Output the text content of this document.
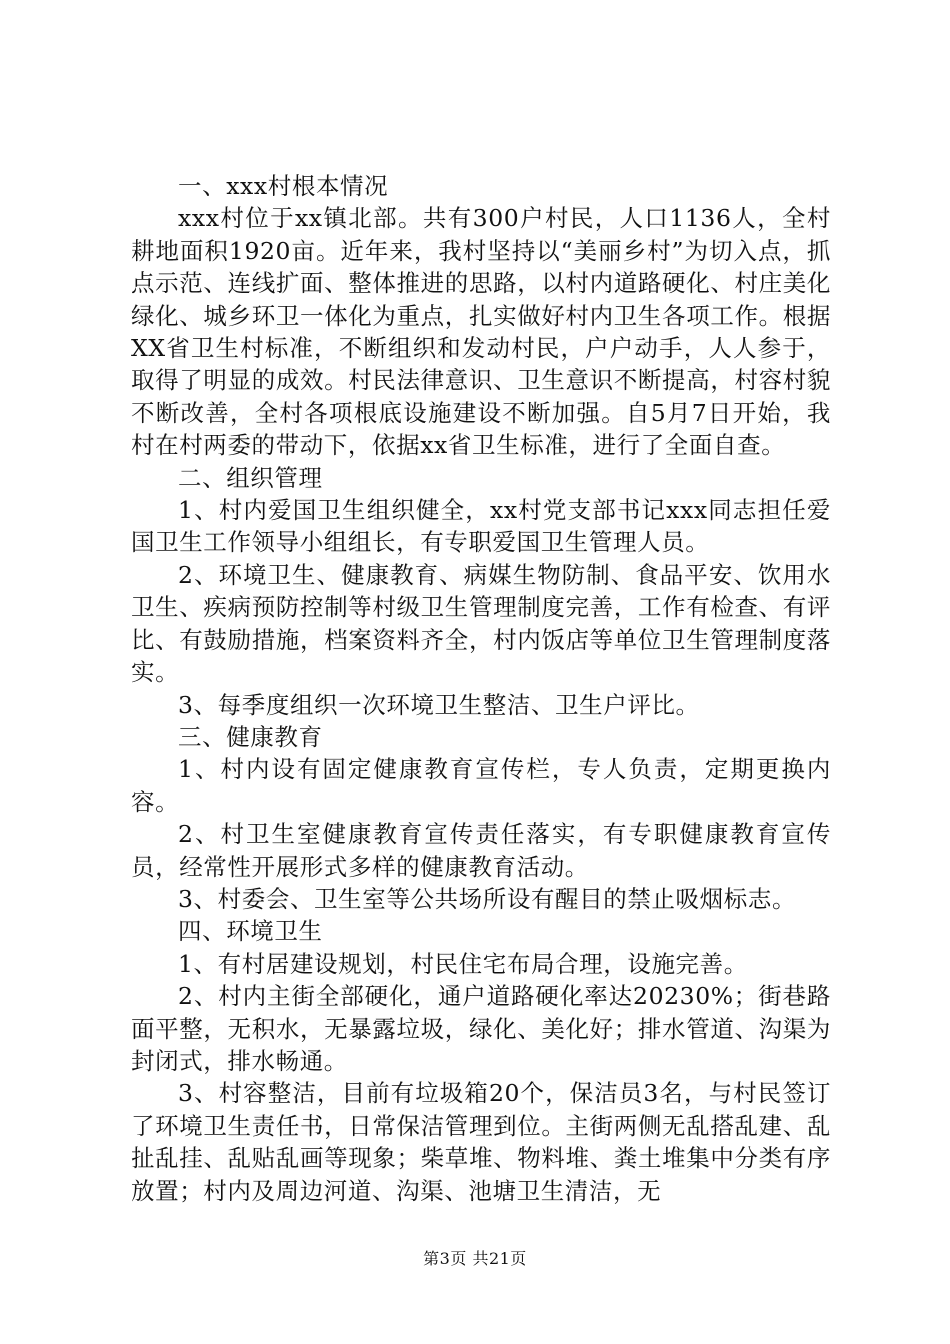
一、xxx村根本情况

xxx村位于xx镇北部。共有300户村民，人口1136人，全村耕地面积1920亩。近年来，我村坚持以“美丽乡村”为切入点，抓点示范、连线扩面、整体推进的思路，以村内道路硬化、村庄美化绿化、城乡环卫一体化为重点，扎实做好村内卫生各项工作。根据XX省卫生村标准，不断组织和发动村民，户户动手，人人参于，取得了明显的成效。村民法律意识、卫生意识不断提高，村容村貌不断改善，全村各项根底设施建设不断加强。自5月7日开始，我村在村两委的带动下，依据xx省卫生标准，进行了全面自查。

二、组织管理

1、村内爱国卫生组织健全，xx村党支部书记xxx同志担任爱国卫生工作领导小组组长，有专职爱国卫生管理人员。

2、环境卫生、健康教育、病媒生物防制、食品平安、饮用水卫生、疾病预防控制等村级卫生管理制度完善，工作有检查、有评比、有鼓励措施，档案资料齐全，村内饭店等单位卫生管理制度落实。

3、每季度组织一次环境卫生整洁、卫生户评比。

三、健康教育

1、村内设有固定健康教育宣传栏，专人负责，定期更换内容。

2、村卫生室健康教育宣传责任落实，有专职健康教育宣传员，经常性开展形式多样的健康教育活动。

3、村委会、卫生室等公共场所设有醒目的禁止吸烟标志。

四、环境卫生

1、有村居建设规划，村民住宅布局合理，设施完善。

2、村内主街全部硬化，通户道路硬化率达20230%；街巷路面平整，无积水，无暴露垃圾，绿化、美化好；排水管道、沟渠为封闭式，排水畅通。

3、村容整洁，目前有垃圾箱20个，保洁员3名，与村民签订了环境卫生责任书，日常保洁管理到位。主街两侧无乱搭乱建、乱扯乱挂、乱贴乱画等现象；柴草堆、物料堆、粪土堆集中分类有序放置；村内及周边河道、沟渠、池塘卫生清洁，无

第3页 共21页
